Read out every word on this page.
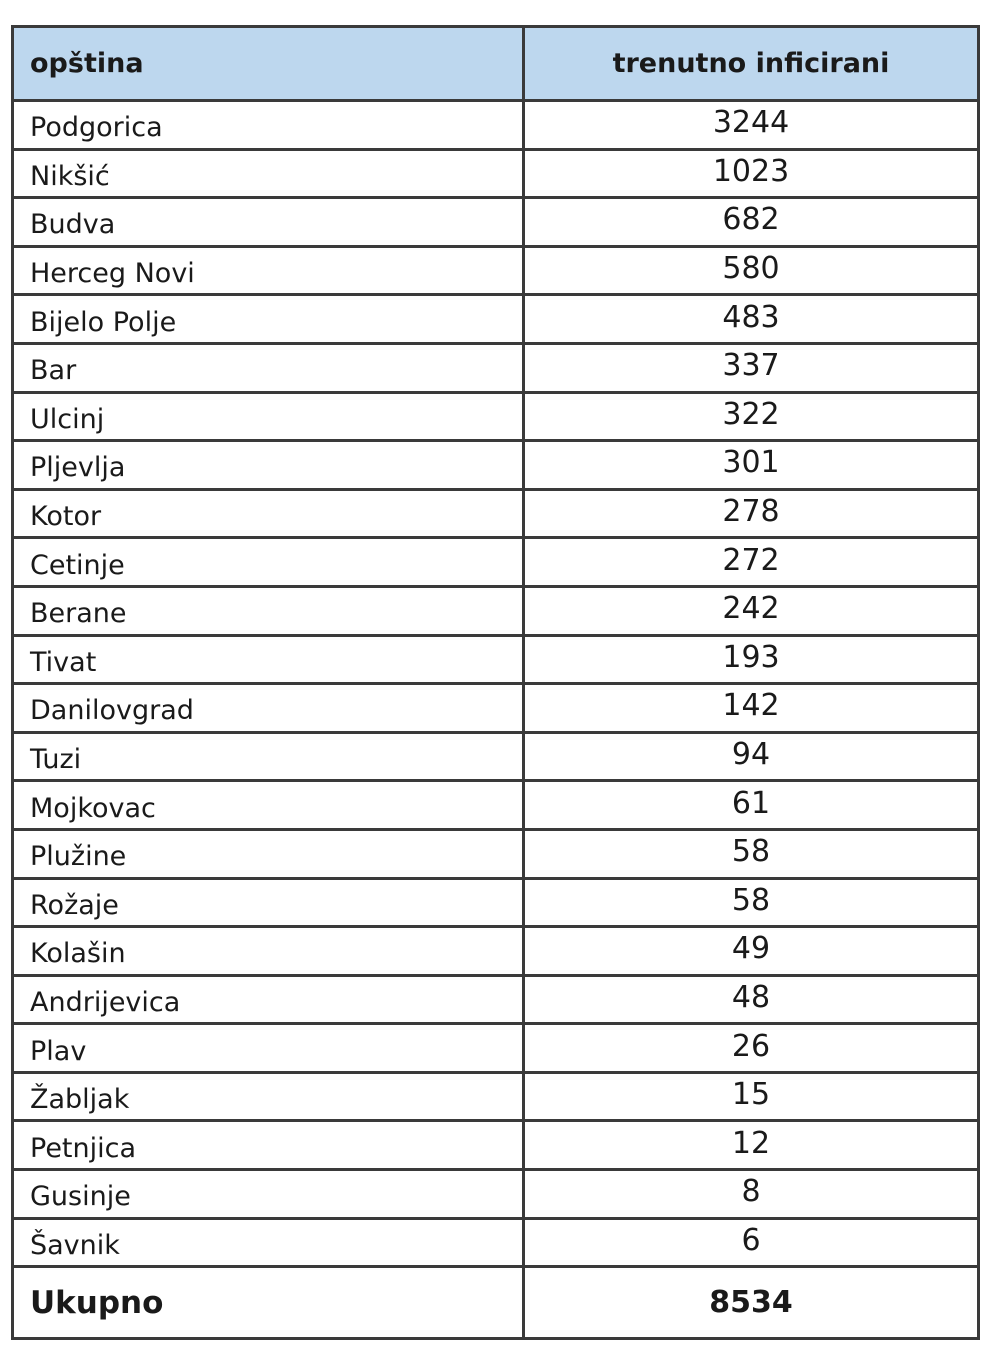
opština	trenutno inficirani
Podgorica	3244
Nikšić	1023
Budva	682
Herceg Novi	580
Bijelo Polje	483
Bar	337
Ulcinj	322
Pljevlja	301
Kotor	278
Cetinje	272
Berane	242
Tivat	193
Danilovgrad	142
Tuzi	94
Mojkovac	61
Plužine	58
Rožaje	58
Kolašin	49
Andrijevica	48
Plav	26
Žabljak	15
Petnjica	12
Gusinje	8
Šavnik	6
Ukupno	8534
